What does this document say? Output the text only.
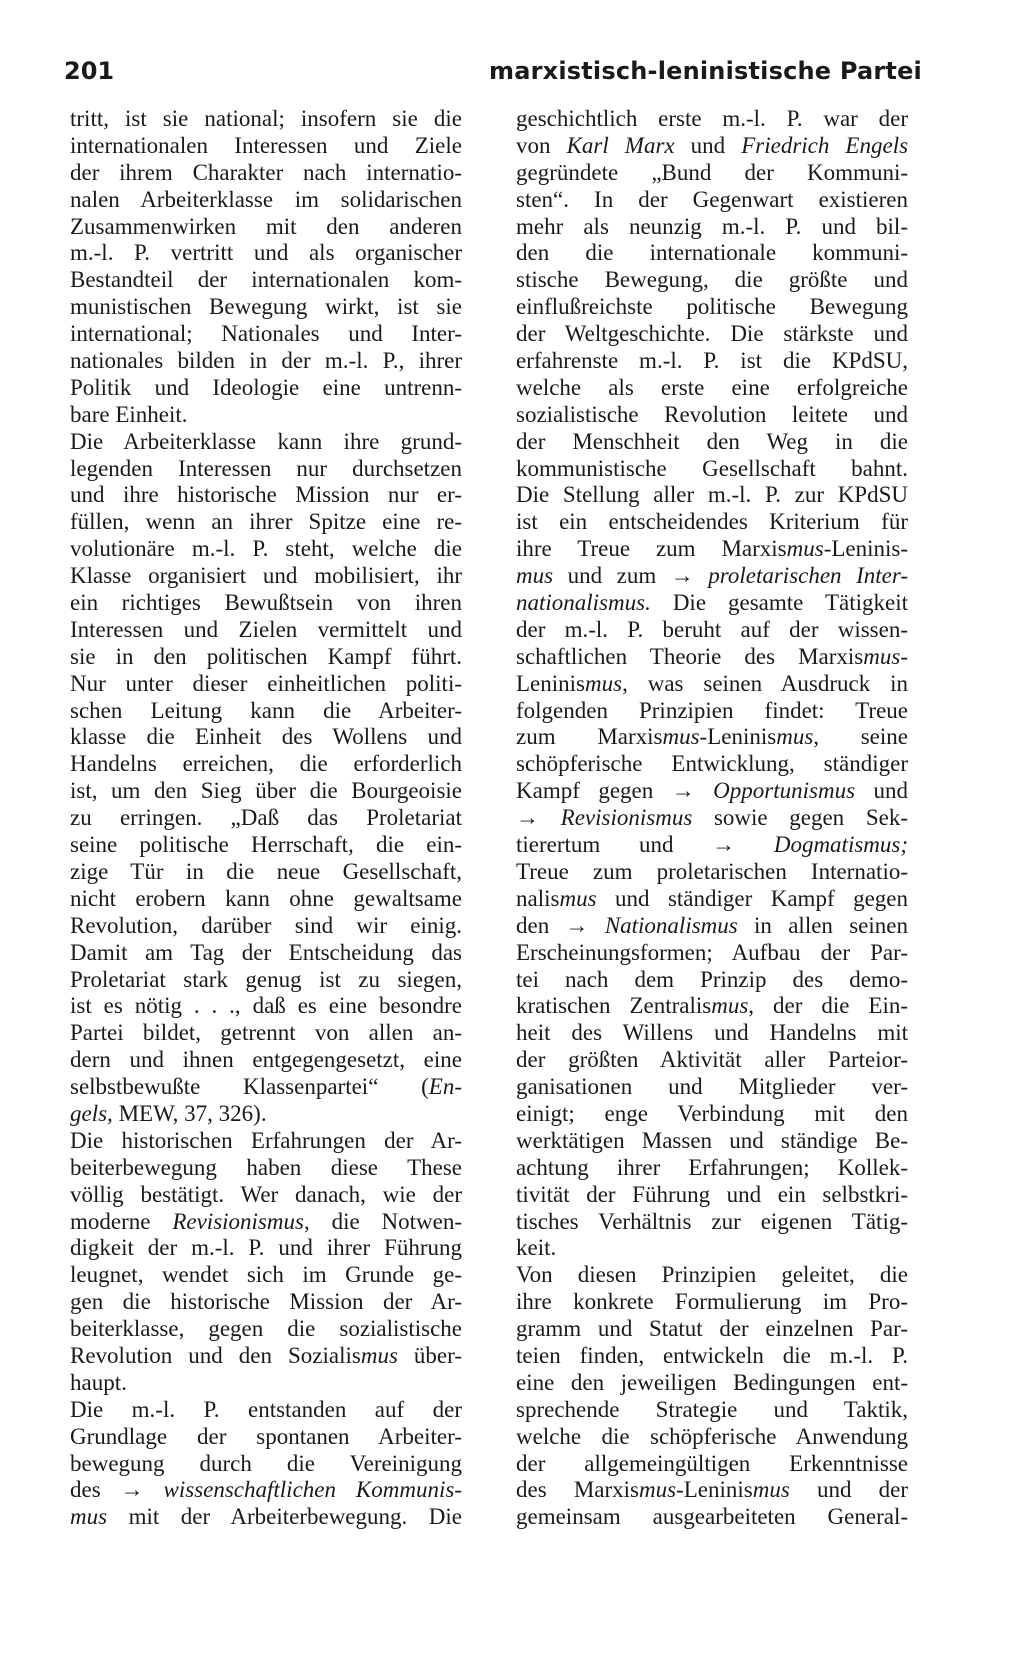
201	marxistisch-leninistische Partei
tritt, ist sie national; insofern sie die
internationalen Interessen und Ziele
der ihrem Charakter nach internatio-
nalen Arbeiterklasse im solidarischen
Zusammenwirken mit den anderen
m.-l. P. vertritt und als organischer
Bestandteil der internationalen kom-
munistischen Bewegung wirkt, ist sie
international; Nationales und Inter-
nationales bilden in der m.-l. P., ihrer
Politik und Ideologie eine untrenn-
bare Einheit.
Die Arbeiterklasse kann ihre grund-
legenden Interessen nur durchsetzen
und ihre historische Mission nur er-
füllen, wenn an ihrer Spitze eine re-
volutionäre m.-l. P. steht, welche die
Klasse organisiert und mobilisiert, ihr
ein richtiges Bewußtsein von ihren
Interessen und Zielen vermittelt und
sie in den politischen Kampf führt.
Nur unter dieser einheitlichen politi-
schen Leitung kann die Arbeiter-
klasse die Einheit des Wollens und
Handelns erreichen, die erforderlich
ist, um den Sieg über die Bourgeoisie
zu erringen. „Daß das Proletariat
seine politische Herrschaft, die ein-
zige Tür in die neue Gesellschaft,
nicht erobern kann ohne gewaltsame
Revolution, darüber sind wir einig.
Damit am Tag der Entscheidung das
Proletariat stark genug ist zu siegen,
ist es nötig . . ., daß es eine besondre
Partei bildet, getrennt von allen an-
dern und ihnen entgegengesetzt, eine
selbstbewußte Klassenpartei“ (En-
gels, MEW, 37, 326).
Die historischen Erfahrungen der Ar-
beiterbewegung haben diese These
völlig bestätigt. Wer danach, wie der
moderne Revisionismus, die Notwen-
digkeit der m.-l. P. und ihrer Führung
leugnet, wendet sich im Grunde ge-
gen die historische Mission der Ar-
beiterklasse, gegen die sozialistische
Revolution und den Sozialismus über-
haupt.
Die m.-l. P. entstanden auf der
Grundlage der spontanen Arbeiter-
bewegung durch die Vereinigung
des → wissenschaftlichen Kommunis-
mus mit der Arbeiterbewegung. Die
geschichtlich erste m.-l. P. war der
von Karl Marx und Friedrich Engels
gegründete „Bund der Kommuni-
sten“. In der Gegenwart existieren
mehr als neunzig m.-l. P. und bil-
den die internationale kommuni-
stische Bewegung, die größte und
einflußreichste politische Bewegung
der Weltgeschichte. Die stärkste und
erfahrenste m.-l. P. ist die KPdSU,
welche als erste eine erfolgreiche
sozialistische Revolution leitete und
der Menschheit den Weg in die
kommunistische Gesellschaft bahnt.
Die Stellung aller m.-l. P. zur KPdSU
ist ein entscheidendes Kriterium für
ihre Treue zum Marxismus-Leninis-
mus und zum → proletarischen Inter-
nationalismus. Die gesamte Tätigkeit
der m.-l. P. beruht auf der wissen-
schaftlichen Theorie des Marxismus-
Leninismus, was seinen Ausdruck in
folgenden Prinzipien findet: Treue
zum Marxismus-Leninismus, seine
schöpferische Entwicklung, ständiger
Kampf gegen → Opportunismus und
→ Revisionismus sowie gegen Sek-
tierertum und → Dogmatismus;
Treue zum proletarischen Internatio-
nalismus und ständiger Kampf gegen
den → Nationalismus in allen seinen
Erscheinungsformen; Aufbau der Par-
tei nach dem Prinzip des demo-
kratischen Zentralismus, der die Ein-
heit des Willens und Handelns mit
der größten Aktivität aller Parteior-
ganisationen und Mitglieder ver-
einigt; enge Verbindung mit den
werktätigen Massen und ständige Be-
achtung ihrer Erfahrungen; Kollek-
tivität der Führung und ein selbstkri-
tisches Verhältnis zur eigenen Tätig-
keit.
Von diesen Prinzipien geleitet, die
ihre konkrete Formulierung im Pro-
gramm und Statut der einzelnen Par-
teien finden, entwickeln die m.-l. P.
eine den jeweiligen Bedingungen ent-
sprechende Strategie und Taktik,
welche die schöpferische Anwendung
der allgemeingültigen Erkenntnisse
des Marxismus-Leninismus und der
gemeinsam ausgearbeiteten General-
